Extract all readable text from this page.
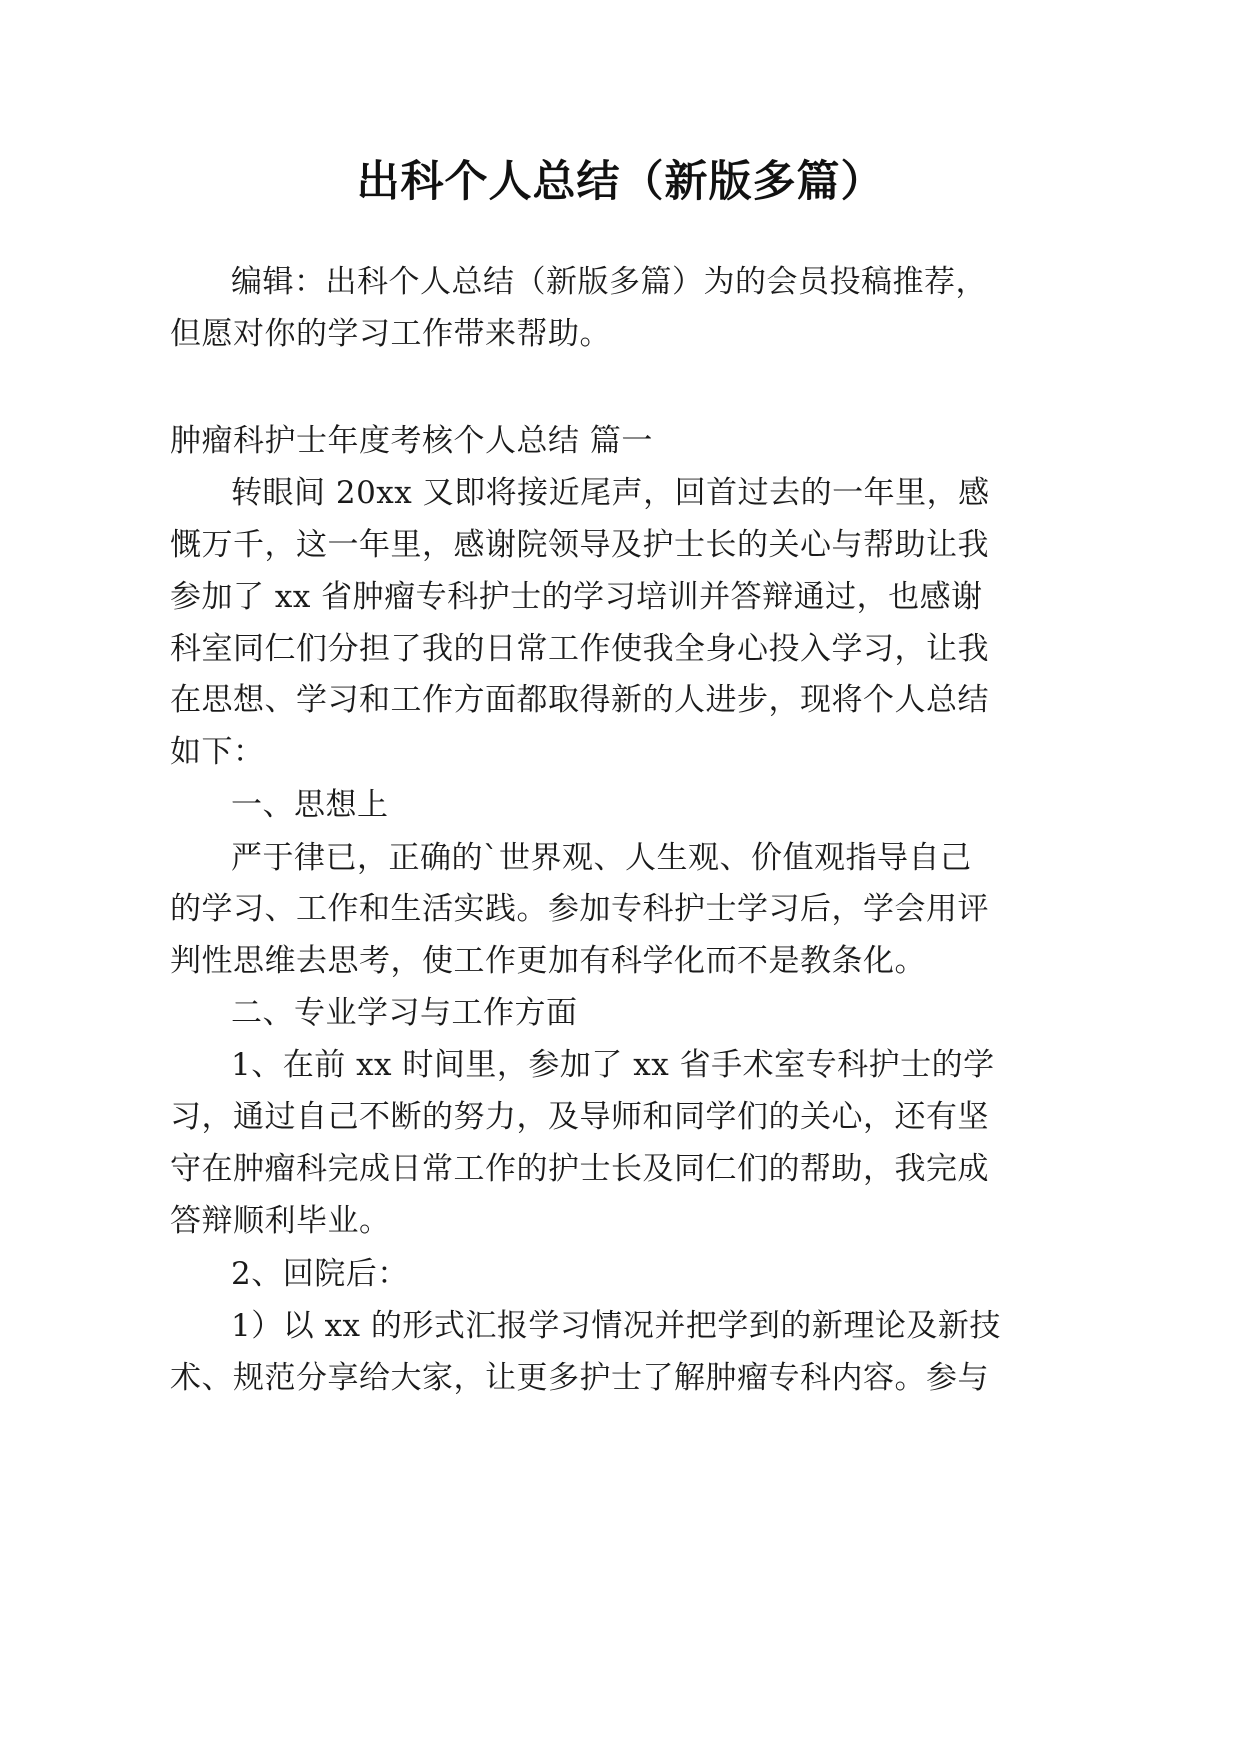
出科个人总结（新版多篇）
编辑：出科个人总结（新版多篇）为的会员投稿推荐，
但愿对你的学习工作带来帮助。
肿瘤科护士年度考核个人总结 篇一
转眼间 20xx 又即将接近尾声，回首过去的一年里，感
慨万千，这一年里，感谢院领导及护士长的关心与帮助让我
参加了 xx 省肿瘤专科护士的学习培训并答辩通过，也感谢
科室同仁们分担了我的日常工作使我全身心投入学习，让我
在思想、学习和工作方面都取得新的人进步，现将个人总结
如下：
一、思想上
严于律已，正确的`世界观、人生观、价值观指导自己
的学习、工作和生活实践。参加专科护士学习后，学会用评
判性思维去思考，使工作更加有科学化而不是教条化。
二、专业学习与工作方面
1、在前 xx 时间里，参加了 xx 省手术室专科护士的学
习，通过自己不断的努力，及导师和同学们的关心，还有坚
守在肿瘤科完成日常工作的护士长及同仁们的帮助，我完成
答辩顺利毕业。
2、回院后：
1）以 xx 的形式汇报学习情况并把学到的新理论及新技
术、规范分享给大家，让更多护士了解肿瘤专科内容。参与
